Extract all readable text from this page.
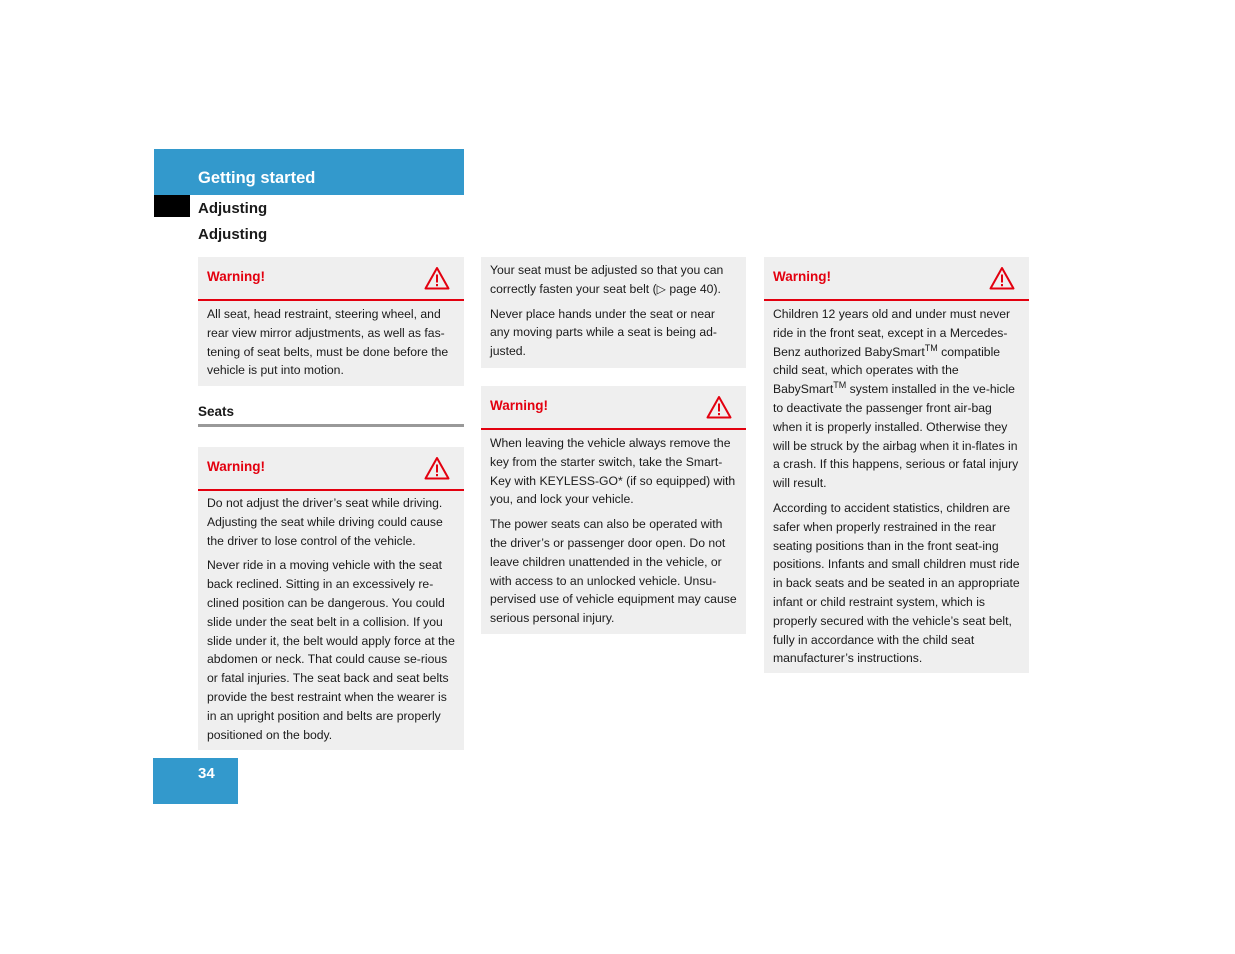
Getting started
Adjusting
Adjusting
Warning!

All seat, head restraint, steering wheel, and rear view mirror adjustments, as well as fas-tening of seat belts, must be done before the vehicle is put into motion.

Seats
Warning!

Do not adjust the driver’s seat while driving. Adjusting the seat while driving could cause the driver to lose control of the vehicle.

Never ride in a moving vehicle with the seat back reclined. Sitting in an excessively re-clined position can be dangerous. You could slide under the seat belt in a collision. If you slide under it, the belt would apply force at the abdomen or neck. That could cause se-rious or fatal injuries. The seat back and seat belts provide the best restraint when the wearer is in an upright position and belts are properly positioned on the body.

Your seat must be adjusted so that you can correctly fasten your seat belt (▷ page 40).

Never place hands under the seat or near any moving parts while a seat is being ad-justed.

Warning!

When leaving the vehicle always remove the key from the starter switch, take the Smart-Key with KEYLESS-GO* (if so equipped) with you, and lock your vehicle.

The power seats can also be operated with the driver’s or passenger door open. Do not leave children unattended in the vehicle, or with access to an unlocked vehicle. Unsu-pervised use of vehicle equipment may cause serious personal injury.

Warning!

Children 12 years old and under must never ride in the front seat, except in a Mercedes-Benz authorized BabySmart™ compatible child seat, which operates with the BabySmart™ system installed in the ve-hicle to deactivate the passenger front air-bag when it is properly installed. Otherwise they will be struck by the airbag when it in-flates in a crash. If this happens, serious or fatal injury will result.

According to accident statistics, children are safer when properly restrained in the rear seating positions than in the front seat-ing positions. Infants and small children must ride in back seats and be seated in an appropriate infant or child restraint system, which is properly secured with the vehicle’s seat belt, fully in accordance with the child seat manufacturer’s instructions.

34
